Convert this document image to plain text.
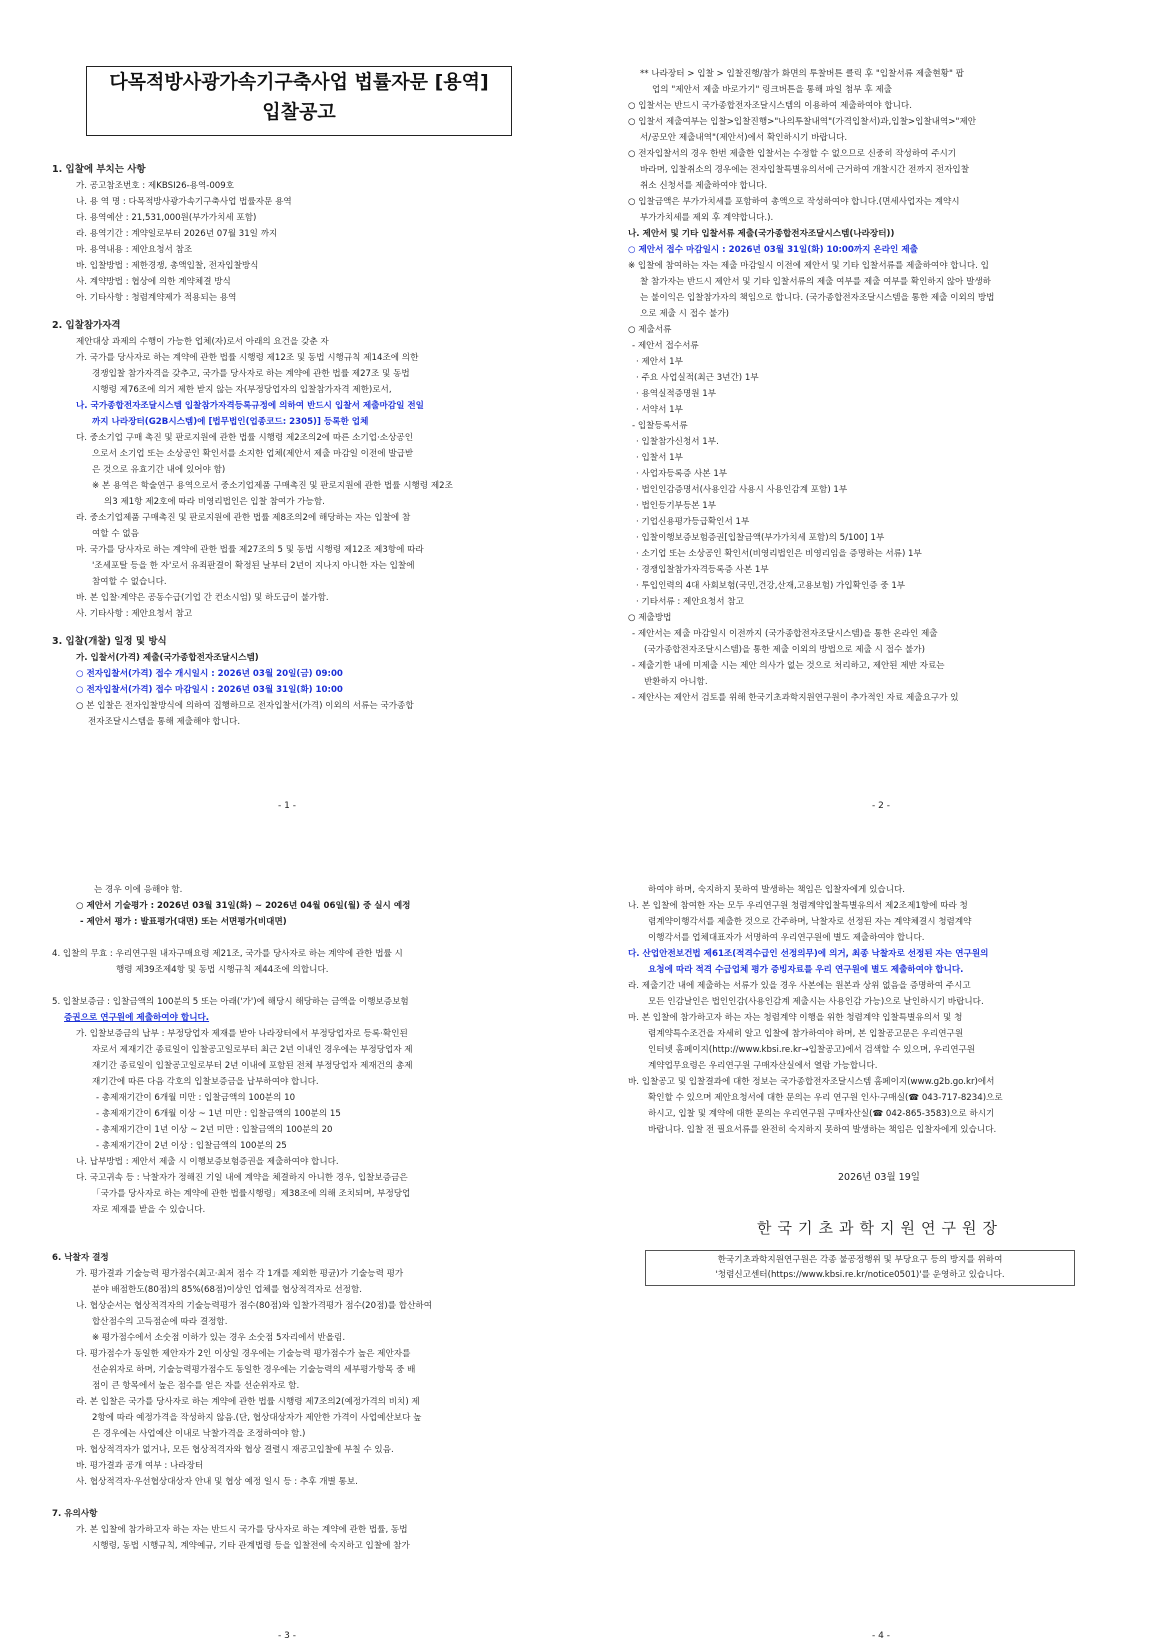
다목적방사광가속기구축사업 법률자문 [용역]
입찰공고
1. 입찰에 부치는 사항
가. 공고참조번호 : 제KBSI26-용역-009호
나. 용 역 명 : 다목적방사광가속기구축사업 법률자문 용역
다. 용역예산 : 21,531,000원(부가가치세 포함)
라. 용역기간 : 계약일로부터 2026년 07월 31일 까지
마. 용역내용 : 제안요청서 참조
바. 입찰방법 : 제한경쟁, 총액입찰, 전자입찰방식
사. 계약방법 : 협상에 의한 계약체결 방식
아. 기타사항 : 청렴계약제가 적용되는 용역
2. 입찰참가자격
제안대상 과제의 수행이 가능한 업체(자)로서 아래의 요건을 갖춘 자
가. 국가를 당사자로 하는 계약에 관한 법률 시행령 제12조 및 동법 시행규칙 제14조에 의한
경쟁입찰 참가자격을 갖추고, 국가를 당사자로 하는 계약에 관한 법률 제27조 및 동법
시행령 제76조에 의거 제한 받지 않는 자(부정당업자의 입찰참가자격 제한)로서,
나. 국가종합전자조달시스템 입찰참가자격등록규정에 의하여 반드시 입찰서 제출마감일 전일
까지 나라장터(G2B시스템)에 [법무법인(업종코드: 2305)] 등록한 업체
다. 중소기업 구매 촉진 및 판로지원에 관한 법률 시행령 제2조의2에 따른 소기업·소상공인
으로서 소기업 또는 소상공인 확인서를 소지한 업체(제안서 제출 마감일 이전에 발급받
은 것으로 유효기간 내에 있어야 함)
※ 본 용역은 학술연구 용역으로서 중소기업제품 구매촉진 및 판로지원에 관한 법률 시행령 제2조
의3 제1항 제2호에 따라 비영리법인은 입찰 참여가 가능함.
라. 중소기업제품 구매촉진 및 판로지원에 관한 법률 제8조의2에 해당하는 자는 입찰에 참
여할 수 없음
마. 국가를 당사자로 하는 계약에 관한 법률 제27조의 5 및 동법 시행령 제12조 제3항에 따라
'조세포탈 등을 한 자'로서 유죄판결이 확정된 날부터 2년이 지나지 아니한 자는 입찰에
참여할 수 없습니다.
바. 본 입찰·계약은 공동수급(기업 간 컨소시엄) 및 하도급이 불가함.
사. 기타사항 : 제안요청서 참고
3. 입찰(개찰) 일정 및 방식
가. 입찰서(가격) 제출(국가종합전자조달시스템)
○ 전자입찰서(가격) 접수 개시일시 : 2026년 03월 20일(금) 09:00
○ 전자입찰서(가격) 접수 마감일시 : 2026년 03월 31일(화) 10:00
○ 본 입찰은 전자입찰방식에 의하여 집행하므로 전자입찰서(가격) 이외의 서류는 국가종합
전자조달시스템을 통해 제출해야 합니다.
** 나라장터 > 입찰 > 입찰진행/참가 화면의 투찰버튼 클릭 후 "입찰서류 제출현황" 팝
업의 "제안서 제출 바로가기" 링크버튼을 통해 파일 첨부 후 제출
○ 입찰서는 반드시 국가종합전자조달시스템의 이용하여 제출하여야 합니다.
○ 입찰서 제출여부는 입찰>입찰진행>"나의투찰내역"(가격입찰서)과,입찰>입찰내역>"제안
서/공모안 제출내역"(제안서)에서 확인하시기 바랍니다.
○ 전자입찰서의 경우 한번 제출한 입찰서는 수정할 수 없으므로 신중히 작성하여 주시기
바라며, 입찰취소의 경우에는 전자입찰특별유의서에 근거하여 개찰시간 전까지 전자입찰
취소 신청서를 제출하여야 합니다.
○ 입찰금액은 부가가치세를 포함하여 총액으로 작성하여야 합니다.(면세사업자는 계약시
부가가치세를 제외 후 계약합니다.).
나. 제안서 및 기타 입찰서류 제출(국가종합전자조달시스템(나라장터))
○ 제안서 접수 마감일시 : 2026년 03월 31일(화) 10:00까지 온라인 제출
※ 입찰에 참여하는 자는 제출 마감일시 이전에 제안서 및 기타 입찰서류를 제출하여야 합니다. 입
찰 참가자는 반드시 제안서 및 기타 입찰서류의 제출 여부를 제출 여부를 확인하지 않아 발생하
는 불이익은 입찰참가자의 책임으로 합니다. (국가종합전자조달시스템을 통한 제출 이외의 방법
으로 제출 시 접수 불가)
○ 제출서류
- 제안서 접수서류
· 제안서 1부
· 주요 사업실적(최근 3년간) 1부
· 용역실적증명원 1부
· 서약서 1부
- 입찰등록서류
· 입찰참가신청서 1부.
· 입찰서 1부
· 사업자등록증 사본 1부
· 법인인감증명서(사용인감 사용시 사용인감계 포함) 1부
· 법인등기부등본 1부
· 기업신용평가등급확인서 1부
· 입찰이행보증보험증권[입찰금액(부가가치세 포함)의 5/100] 1부
· 소기업 또는 소상공인 확인서(비영리법인은 비영리임을 증명하는 서류) 1부
· 경쟁입찰참가자격등록증 사본 1부
· 투입인력의 4대 사회보험(국민,건강,산재,고용보험) 가입확인증 중 1부
· 기타서류 : 제안요청서 참고
○ 제출방법
- 제안서는 제출 마감일시 이전까지 (국가종합전자조달시스템)을 통한 온라인 제출
(국가종합전자조달시스템)을 통한 제출 이외의 방법으로 제출 시 접수 불가)
- 제출기한 내에 미제출 시는 제안 의사가 없는 것으로 처리하고, 제안된 제반 자료는
반환하지 아니함.
- 제안사는 제안서 검토를 위해 한국기초과학지원연구원이 추가적인 자료 제출요구가 있
는 경우 이에 응해야 함.
○ 제안서 기술평가 : 2026년 03월 31일(화) ~ 2026년 04월 06일(월) 중 실시 예정
- 제안서 평가 : 발표평가(대면) 또는 서면평가(비대면)
4. 입찰의 무효 : 우리연구원 내자구매요령 제21조, 국가를 당사자로 하는 계약에 관한 법률 시
행령 제39조제4항 및 동법 시행규칙 제44조에 의합니다.
5. 입찰보증금 : 입찰금액의 100분의 5 또는 아래('가')에 해당시 해당하는 금액을 이행보증보험
증권으로 연구원에 제출하여야 합니다.
가. 입찰보증금의 납부 : 부정당업자 제재를 받아 나라장터에서 부정당업자로 등록·확인된
자로서 제재기간 종료일이 입찰공고일로부터 최근 2년 이내인 경우에는 부정당업자 제
재기간 종료일이 입찰공고일로부터 2년 이내에 포함된 전체 부정당업자 제재건의 총제
재기간에 따른 다음 각호의 입찰보증금을 납부하여야 합니다.
- 총제재기간이 6개월 미만 : 입찰금액의 100분의 10
- 총제재기간이 6개월 이상 ~ 1년 미만 : 입찰금액의 100분의 15
- 총제재기간이 1년 이상 ~ 2년 미만 : 입찰금액의 100분의 20
- 총제재기간이 2년 이상 : 입찰금액의 100분의 25
나. 납부방법 : 제안서 제출 시 이행보증보험증권을 제출하여야 합니다.
다. 국고귀속 등 : 낙찰자가 정해진 기일 내에 계약을 체결하지 아니한 경우, 입찰보증금은
「국가를 당사자로 하는 계약에 관한 법률시행령」제38조에 의해 조치되며, 부정당업
자로 제재를 받을 수 있습니다.
6. 낙찰자 결정
가. 평가결과 기술능력 평가점수(최고·최저 점수 각 1개를 제외한 평균)가 기술능력 평가
분야 배점한도(80점)의 85%(68점)이상인 업체를 협상적격자로 선정함.
나. 협상순서는 협상적격자의 기술능력평가 점수(80점)와 입찰가격평가 점수(20점)를 합산하여
합산점수의 고득점순에 따라 결정함.
※ 평가점수에서 소숫점 이하가 있는 경우 소숫점 5자리에서 반올림.
다. 평가점수가 동일한 제안자가 2인 이상일 경우에는 기술능력 평가점수가 높은 제안자를
선순위자로 하며, 기술능력평가점수도 동일한 경우에는 기술능력의 세부평가항목 중 배
점이 큰 항목에서 높은 점수를 얻은 자를 선순위자로 함.
라. 본 입찰은 국가를 당사자로 하는 계약에 관한 법률 시행령 제7조의2(예정가격의 비치) 제
2항에 따라 예정가격을 작성하지 않음.(단, 협상대상자가 제안한 가격이 사업예산보다 높
은 경우에는 사업예산 이내로 낙찰가격을 조정하여야 함.)
마. 협상적격자가 없거나, 모든 협상적격자와 협상 결렬시 재공고입찰에 부칠 수 있음.
바. 평가결과 공개 여부 : 나라장터
사. 협상적격자·우선협상대상자 안내 및 협상 예정 일시 등 : 추후 개별 통보.
7. 유의사항
가. 본 입찰에 참가하고자 하는 자는 반드시 국가를 당사자로 하는 계약에 관한 법률, 동법
시행령, 동법 시행규칙, 계약예규, 기타 관계법령 등을 입찰전에 숙지하고 입찰에 참가
하여야 하며, 숙지하지 못하여 발생하는 책임은 입찰자에게 있습니다.
나. 본 입찰에 참여한 자는 모두 우리연구원 청렴계약입찰특별유의서 제2조제1항에 따라 청
렴계약이행각서를 제출한 것으로 간주하며, 낙찰자로 선정된 자는 계약체결시 청렴계약
이행각서를 업체대표자가 서명하여 우리연구원에 별도 제출하여야 합니다.
다. 산업안전보건법 제61조(적격수급인 선정의무)에 의거, 최종 낙찰자로 선정된 자는 연구원의
요청에 따라 적격 수급업체 평가 증빙자료를 우리 연구원에 별도 제출하여야 합니다.
라. 제출기간 내에 제출하는 서류가 있을 경우 사본에는 원본과 상위 없음을 증명하여 주시고
모든 인감날인은 법인인감(사용인감계 제출시는 사용인감 가능)으로 날인하시기 바랍니다.
마. 본 입찰에 참가하고자 하는 자는 청렴계약 이행을 위한 청렴계약 입찰특별유의서 및 청
렴계약특수조건을 자세히 알고 입찰에 참가하여야 하며, 본 입찰공고문은 우리연구원
인터넷 홈페이지(http://www.kbsi.re.kr→입찰공고)에서 검색할 수 있으며, 우리연구원
계약업무요령은 우리연구원 구매자산실에서 열람 가능합니다.
바. 입찰공고 및 입찰결과에 대한 정보는 국가종합전자조달시스템 홈페이지(www.g2b.go.kr)에서
확인할 수 있으며 제안요청서에 대한 문의는 우리 연구원 인사·구매실(☎ 043-717-8234)으로
하시고, 입찰 및 계약에 대한 문의는 우리연구원 구매자산실(☎ 042-865-3583)으로 하시기
바랍니다. 입찰 전 필요서류를 완전히 숙지하지 못하여 발생하는 책임은 입찰자에게 있습니다.
- 1 -	- 2 -
- 3 -	- 4 -
2026년 03월 19일
한국기초과학지원연구원장
한국기초과학지원연구원은 각종 불공정행위 및 부당요구 등의 방지를 위하여
'청렴신고센터(https://www.kbsi.re.kr/notice0501)'를 운영하고 있습니다.
